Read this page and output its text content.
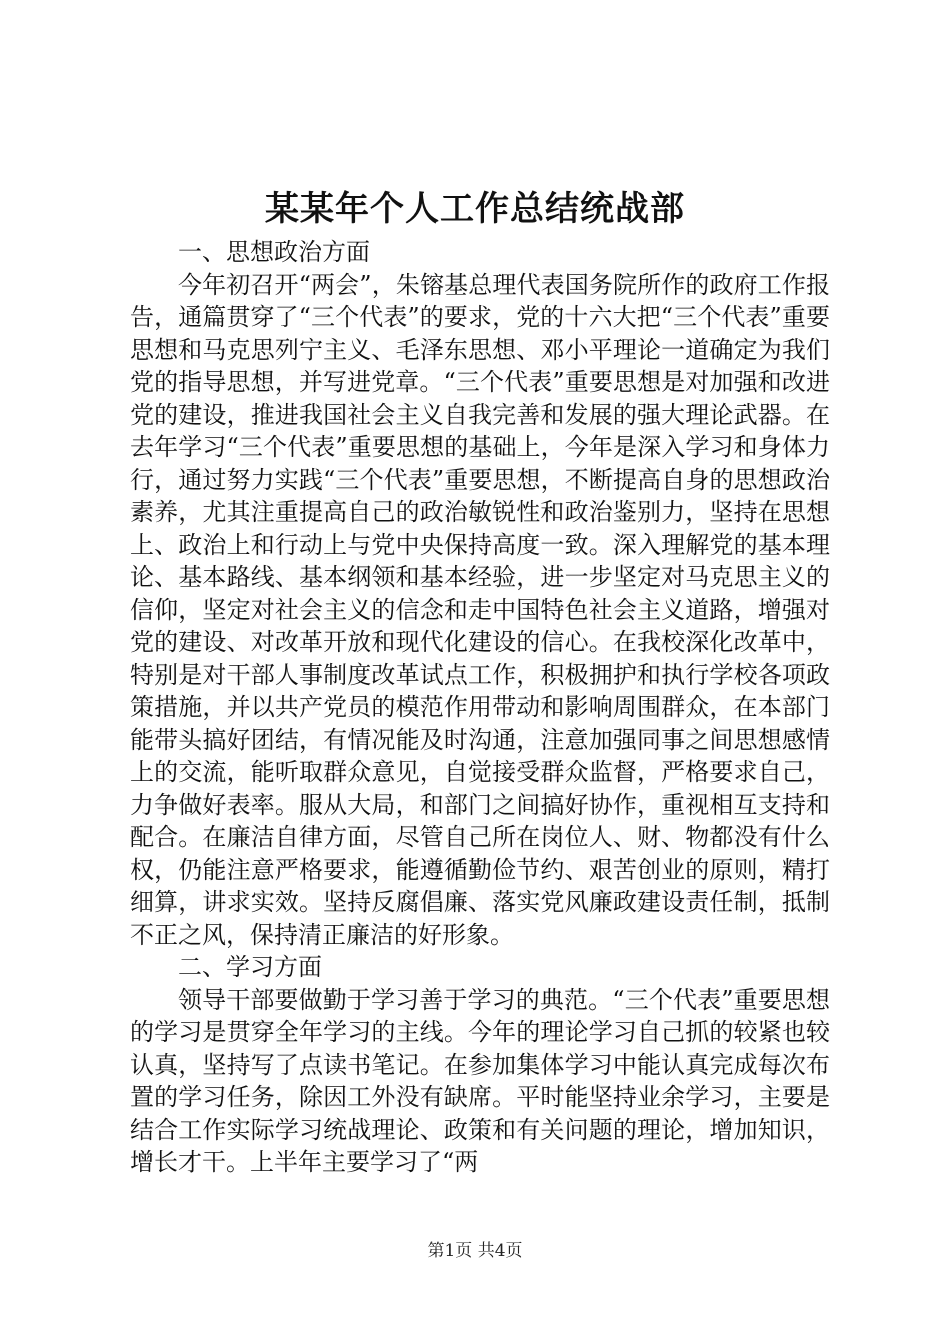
某某年个人工作总结统战部

一、思想政治方面

今年初召开“两会”，朱镕基总理代表国务院所作的政府工作报告，通篇贯穿了“三个代表”的要求，党的十六大把“三个代表”重要思想和马克思列宁主义、毛泽东思想、邓小平理论一道确定为我们党的指导思想，并写进党章。“三个代表”重要思想是对加强和改进党的建设，推进我国社会主义自我完善和发展的强大理论武器。在去年学习“三个代表”重要思想的基础上，今年是深入学习和身体力行，通过努力实践“三个代表”重要思想，不断提高自身的思想政治素养，尤其注重提高自己的政治敏锐性和政治鉴别力，坚持在思想上、政治上和行动上与党中央保持高度一致。深入理解党的基本理论、基本路线、基本纲领和基本经验，进一步坚定对马克思主义的信仰，坚定对社会主义的信念和走中国特色社会主义道路，增强对党的建设、对改革开放和现代化建设的信心。在我校深化改革中，特别是对干部人事制度改革试点工作，积极拥护和执行学校各项政策措施，并以共产党员的模范作用带动和影响周围群众，在本部门能带头搞好团结，有情况能及时沟通，注意加强同事之间思想感情上的交流，能听取群众意见，自觉接受群众监督，严格要求自己，力争做好表率。服从大局，和部门之间搞好协作，重视相互支持和配合。在廉洁自律方面，尽管自己所在岗位人、财、物都没有什么权，仍能注意严格要求，能遵循勤俭节约、艰苦创业的原则，精打细算，讲求实效。坚持反腐倡廉、落实党风廉政建设责任制，抵制不正之风，保持清正廉洁的好形象。

二、学习方面

领导干部要做勤于学习善于学习的典范。“三个代表”重要思想的学习是贯穿全年学习的主线。今年的理论学习自己抓的较紧也较认真，坚持写了点读书笔记。在参加集体学习中能认真完成每次布置的学习任务，除因工外没有缺席。平时能坚持业余学习，主要是结合工作实际学习统战理论、政策和有关问题的理论，增加知识，增长才干。上半年主要学习了“两

第1页 共4页
